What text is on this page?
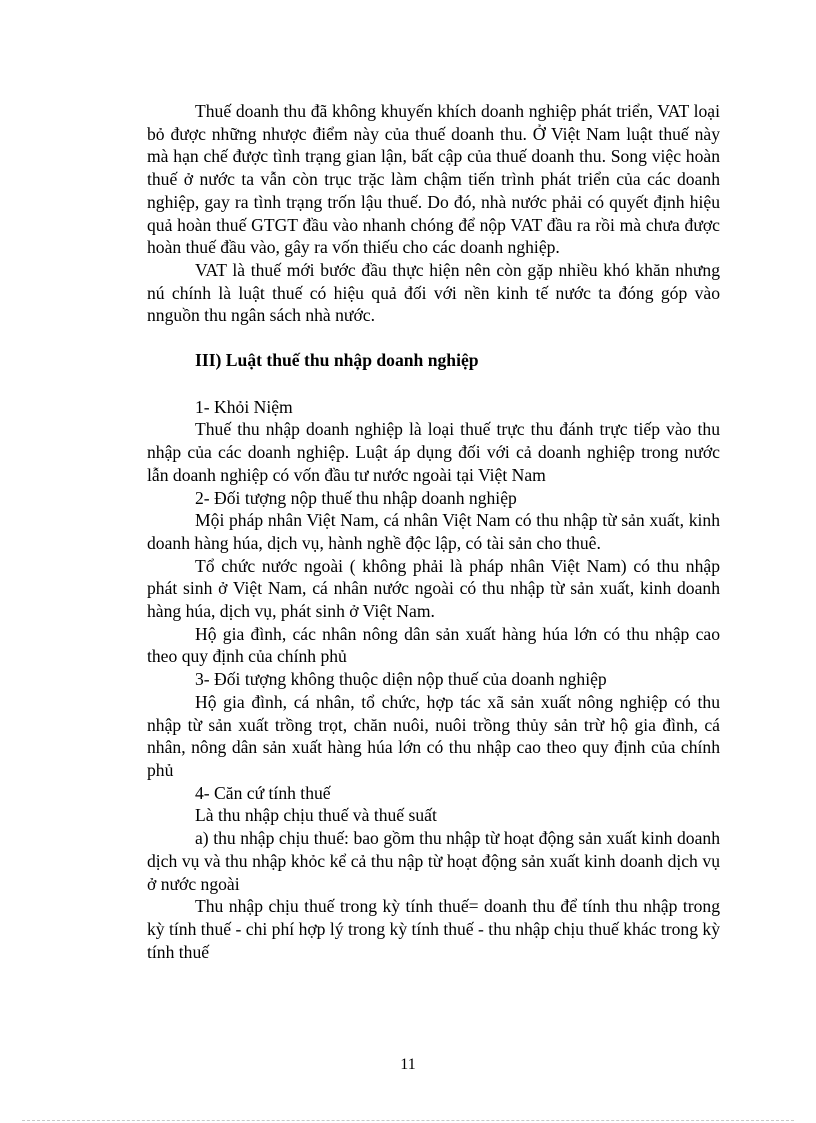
Thuế doanh thu đã không khuyến khích doanh nghiệp phát triển, VAT loại bỏ được những nhược điểm này của thuế doanh thu. Ở Việt Nam luật thuế này mà hạn chế được tình trạng gian lận, bất cập của thuế doanh thu. Song việc hoàn thuế ở nước ta vẫn còn trục trặc làm chậm tiến trình phát triển của các doanh nghiệp, gay ra tình trạng trốn lậu thuế. Do đó, nhà nước phải có quyết định hiệu quả hoàn thuế GTGT đầu vào nhanh chóng để nộp VAT đầu ra rồi mà chưa được hoàn thuế đầu vào, gây ra vốn thiếu cho các doanh nghiệp.

VAT là thuế mới bước đầu thực hiện nên còn gặp nhiều khó khăn nhưng nú chính là luật thuế có hiệu quả đối với nền kinh tế nước ta đóng góp vào nnguồn thu ngân sách nhà nước.

III) Luật thuế thu nhập doanh nghiệp

1- Khỏi Niệm

Thuế thu nhập doanh nghiệp là loại thuế trực thu đánh trực tiếp vào thu nhập của các doanh nghiệp. Luật áp dụng đối với cả doanh nghiệp trong nước lẫn doanh nghiệp có vốn đầu tư nước ngoài tại Việt Nam

2- Đối tượng nộp thuế thu nhập doanh nghiệp

Mội pháp nhân Việt Nam, cá nhân Việt Nam có thu nhập từ sản xuất, kinh doanh hàng húa, dịch vụ, hành nghề độc lập, có tài sản cho thuê.

Tổ chức nước ngoài ( không phải là pháp nhân Việt Nam) có thu nhập phát sinh ở Việt Nam, cá nhân nước ngoài có thu nhập từ sản xuất, kinh doanh hàng húa, dịch vụ, phát sinh ở Việt Nam.

Hộ gia đình, các nhân nông dân sản xuất hàng húa lớn có thu nhập cao theo quy định của chính phủ

3- Đối tượng không thuộc diện nộp thuế của doanh nghiệp

Hộ gia đình, cá nhân, tổ chức, hợp tác xã sản xuất nông nghiệp có thu nhập từ sản xuất trồng trọt, chăn nuôi, nuôi trồng thủy sản trừ hộ gia đình, cá nhân, nông dân sản xuất hàng húa lớn có thu nhập cao theo quy định của chính phủ

4- Căn cứ tính thuế

Là thu nhập chịu thuế và thuế suất

a) thu nhập chịu thuế: bao gồm thu nhập từ hoạt động sản xuất kinh doanh dịch vụ và thu nhập khỏc kể cả thu nập từ hoạt động sản xuất kinh doanh dịch vụ ở nước ngoài

Thu nhập chịu thuế trong kỳ tính thuế= doanh thu để tính thu nhập trong kỳ tính thuế - chi phí hợp lý trong kỳ tính thuế - thu nhập chịu thuế khác trong kỳ tính thuế

11
